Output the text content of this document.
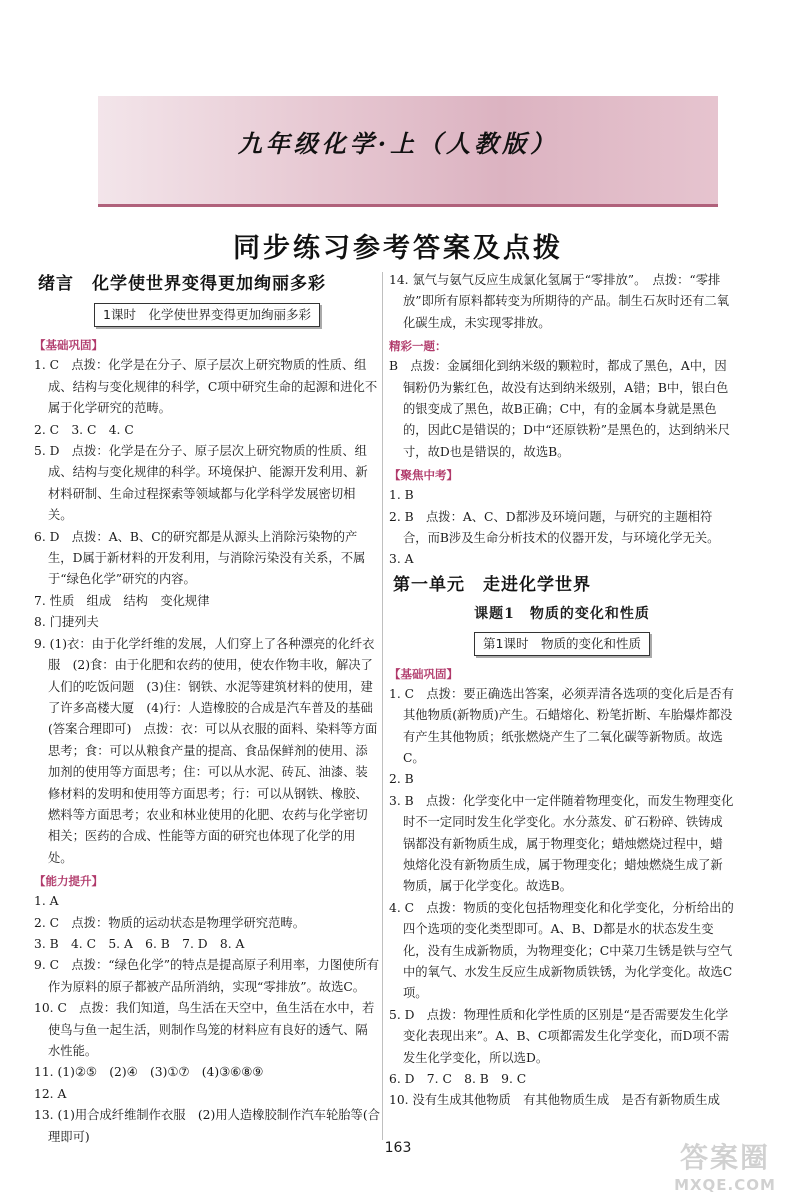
九年级化学·上（人教版）
同步练习参考答案及点拨
绪言　化学使世界变得更加绚丽多彩
1课时　化学使世界变得更加绚丽多彩
【基础巩固】

1. C　点拨：化学是在分子、原子层次上研究物质的性质、组成、结构与变化规律的科学，C项中研究生命的起源和进化不属于化学研究的范畴。

2. C　3. C　4. C

5. D　点拨：化学是在分子、原子层次上研究物质的性质、组成、结构与变化规律的科学。环境保护、能源开发利用、新材料研制、生命过程探索等领域都与化学科学发展密切相关。

6. D　点拨：A、B、C的研究都是从源头上消除污染物的产生，D属于新材料的开发利用，与消除污染没有关系，不属于“绿色化学”研究的内容。

7. 性质　组成　结构　变化规律

8. 门捷列夫

9. (1)衣：由于化学纤维的发展，人们穿上了各种漂亮的化纤衣服　(2)食：由于化肥和农药的使用，使农作物丰收，解决了人们的吃饭问题　(3)住：钢铁、水泥等建筑材料的使用，建了许多高楼大厦　(4)行：人造橡胶的合成是汽车普及的基础(答案合理即可)　点拨：衣：可以从衣服的面料、染料等方面思考；食：可以从粮食产量的提高、食品保鲜剂的使用、添加剂的使用等方面思考；住：可以从水泥、砖瓦、油漆、装修材料的发明和使用等方面思考；行：可以从钢铁、橡胶、燃料等方面思考；农业和林业使用的化肥、农药与化学密切相关；医药的合成、性能等方面的研究也体现了化学的用处。

【能力提升】

1. A

2. C　点拨：物质的运动状态是物理学研究范畴。

3. B　4. C　5. A　6. B　7. D　8. A

9. C　点拨：“绿色化学”的特点是提高原子利用率，力图使所有作为原料的原子都被产品所消纳，实现“零排放”。故选C。

10. C　点拨：我们知道，鸟生活在天空中，鱼生活在水中，若使鸟与鱼一起生活，则制作鸟笼的材料应有良好的透气、隔水性能。

11. (1)②⑤　(2)④　(3)①⑦　(4)③⑥⑧⑨

12. A

13. (1)用合成纤维制作衣服　(2)用人造橡胶制作汽车轮胎等(合理即可)

14. 氯气与氨气反应生成氯化氢属于“零排放”。　点拨：“零排放”即所有原料都转变为所期待的产品。制生石灰时还有二氧化碳生成，未实现零排放。

精彩一题：

B　点拨：金属细化到纳米级的颗粒时，都成了黑色，A中，因铜粉仍为紫红色，故没有达到纳米级别，A错；B中，银白色的银变成了黑色，故B正确；C中，有的金属本身就是黑色的，因此C是错误的；D中“还原铁粉”是黑色的，达到纳米尺寸，故D也是错误的，故选B。

【聚焦中考】

1. B

2. B　点拨：A、C、D都涉及环境问题，与研究的主题相符合，而B涉及生命分析技术的仪器开发，与环境化学无关。

3. A

第一单元　走进化学世界
课题1　物质的变化和性质
第1课时　物质的变化和性质
【基础巩固】

1. C　点拨：要正确选出答案，必须弄清各选项的变化后是否有其他物质(新物质)产生。石蜡熔化、粉笔折断、车胎爆炸都没有产生其他物质；纸张燃烧产生了二氧化碳等新物质。故选C。

2. B

3. B　点拨：化学变化中一定伴随着物理变化，而发生物理变化时不一定同时发生化学变化。水分蒸发、矿石粉碎、铁铸成锅都没有新物质生成，属于物理变化；蜡烛燃烧过程中，蜡烛熔化没有新物质生成，属于物理变化；蜡烛燃烧生成了新物质，属于化学变化。故选B。

4. C　点拨：物质的变化包括物理变化和化学变化，分析给出的四个选项的变化类型即可。A、B、D都是水的状态发生变化，没有生成新物质，为物理变化；C中菜刀生锈是铁与空气中的氧气、水发生反应生成新物质铁锈，为化学变化。故选C项。

5. D　点拨：物理性质和化学性质的区别是“是否需要发生化学变化表现出来”。A、B、C项都需发生化学变化，而D项不需发生化学变化，所以选D。

6. D　7. C　8. B　9. C

10. 没有生成其他物质　有其他物质生成　是否有新物质生成

163	答案圈
MXQE.COM
